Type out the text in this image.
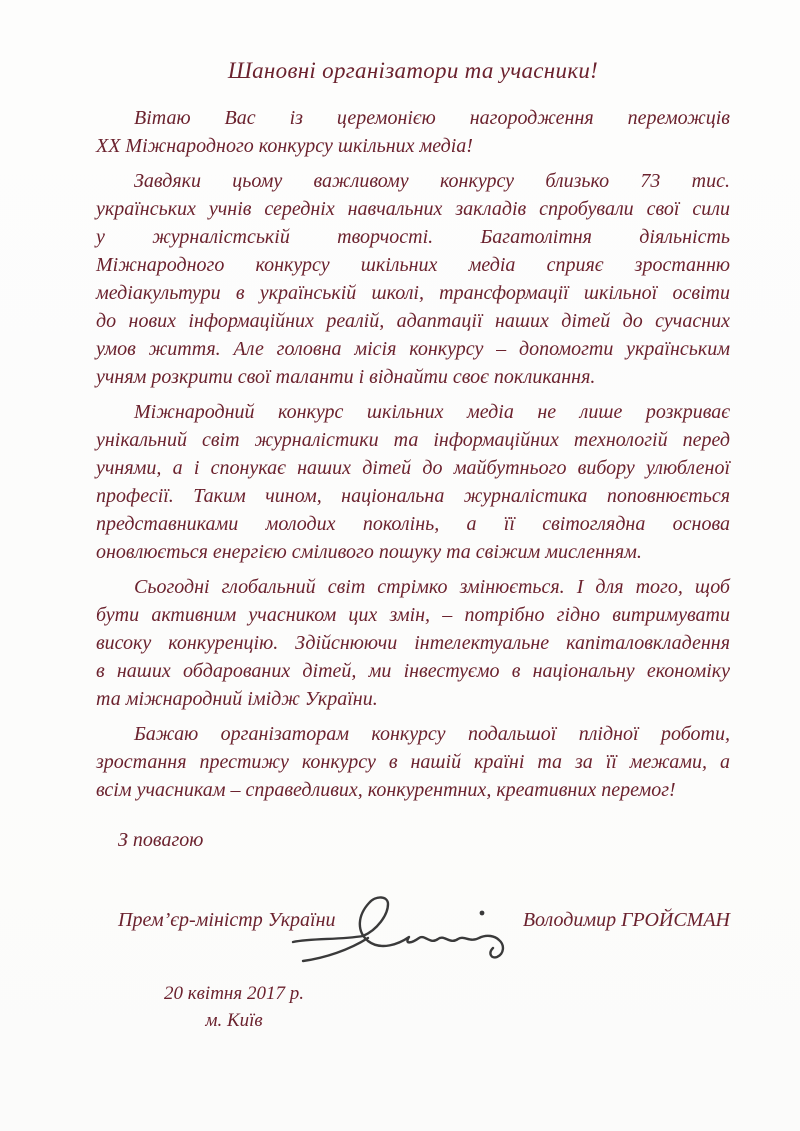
Шановні організатори та учасники!
Вітаю Вас із церемонією нагородження переможців
ХХ Міжнародного конкурсу шкільних медіа!
Завдяки цьому важливому конкурсу близько 73 тис.
українських учнів середніх навчальних закладів спробували свої сили
у журналістській творчості. Багатолітня діяльність
Міжнародного конкурсу шкільних медіа сприяє зростанню
медіакультури в українській школі, трансформації шкільної освіти
до нових інформаційних реалій, адаптації наших дітей до сучасних
умов життя. Але головна місія конкурсу – допомогти українським
учням розкрити свої таланти і віднайти своє покликання.
Міжнародний конкурс шкільних медіа не лише розкриває
унікальний світ журналістики та інформаційних технологій перед
учнями, а і спонукає наших дітей до майбутнього вибору улюбленої
професії. Таким чином, національна журналістика поповнюється
представниками молодих поколінь, а її світоглядна основа
оновлюється енергією сміливого пошуку та свіжим мисленням.
Сьогодні глобальний світ стрімко змінюється. І для того, щоб
бути активним учасником цих змін, – потрібно гідно витримувати
високу конкуренцію. Здійснюючи інтелектуальне капіталовкладення
в наших обдарованих дітей, ми інвестуємо в національну економіку
та міжнародний імідж України.
Бажаю організаторам конкурсу подальшої плідної роботи,
зростання престижу конкурсу в нашій країні та за її межами, а
всім учасникам – справедливих, конкурентних, креативних перемог!
З повагою
Прем’єр-міністр України	Володимир ГРОЙСМАН
20 квітня 2017 р.
м. Київ
